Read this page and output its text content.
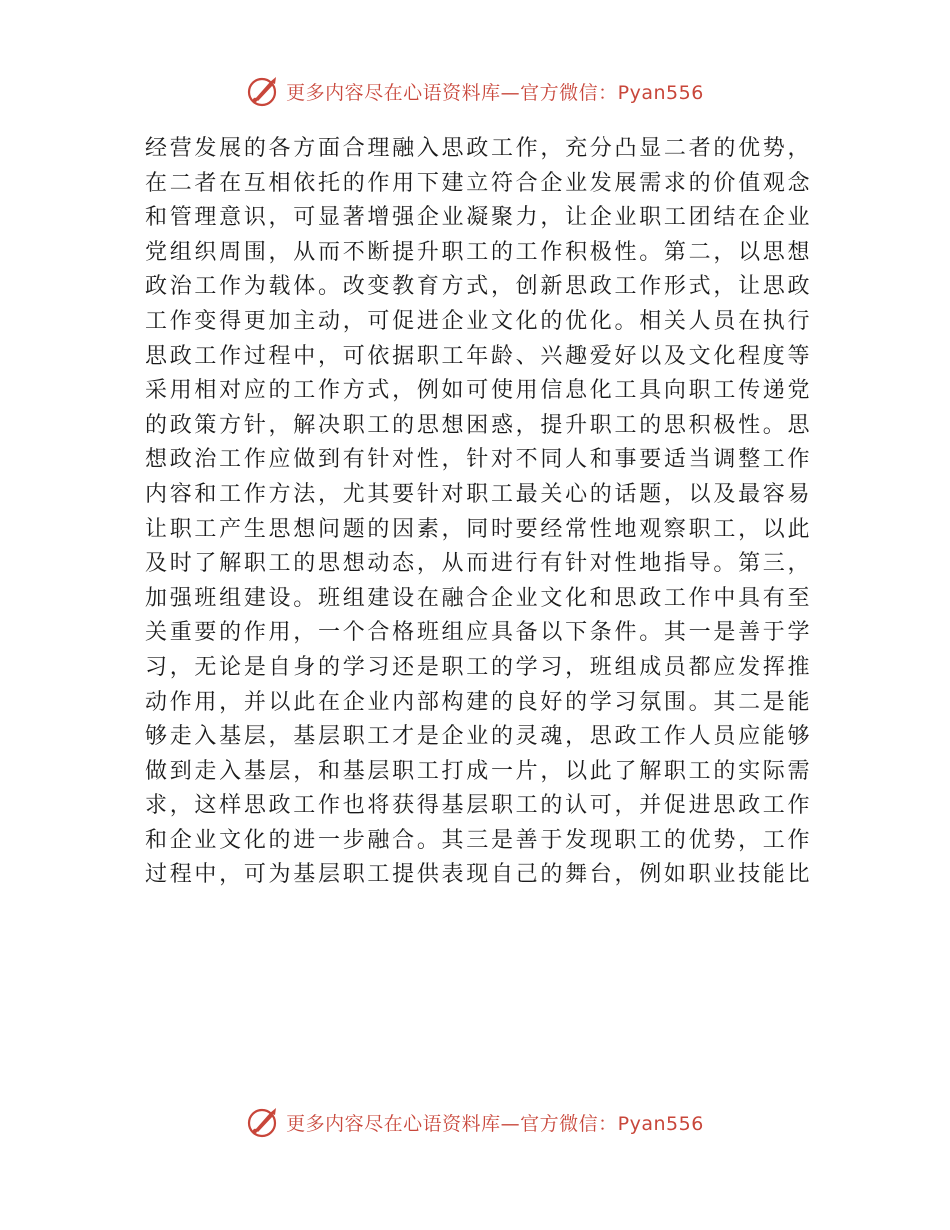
更多内容尽在心语资料库—官方微信：Pyan556
经营发展的各方面合理融入思政工作，充分凸显二者的优势，
在二者在互相依托的作用下建立符合企业发展需求的价值观念
和管理意识，可显著增强企业凝聚力，让企业职工团结在企业
党组织周围，从而不断提升职工的工作积极性。第二，以思想
政治工作为载体。改变教育方式，创新思政工作形式，让思政
工作变得更加主动，可促进企业文化的优化。相关人员在执行
思政工作过程中，可依据职工年龄、兴趣爱好以及文化程度等
采用相对应的工作方式，例如可使用信息化工具向职工传递党
的政策方针，解决职工的思想困惑，提升职工的思积极性。思
想政治工作应做到有针对性，针对不同人和事要适当调整工作
内容和工作方法，尤其要针对职工最关心的话题，以及最容易
让职工产生思想问题的因素，同时要经常性地观察职工，以此
及时了解职工的思想动态，从而进行有针对性地指导。第三，
加强班组建设。班组建设在融合企业文化和思政工作中具有至
关重要的作用，一个合格班组应具备以下条件。其一是善于学
习，无论是自身的学习还是职工的学习，班组成员都应发挥推
动作用，并以此在企业内部构建的良好的学习氛围。其二是能
够走入基层，基层职工才是企业的灵魂，思政工作人员应能够
做到走入基层，和基层职工打成一片，以此了解职工的实际需
求，这样思政工作也将获得基层职工的认可，并促进思政工作
和企业文化的进一步融合。其三是善于发现职工的优势，工作
过程中，可为基层职工提供表现自己的舞台，例如职业技能比
更多内容尽在心语资料库—官方微信：Pyan556
